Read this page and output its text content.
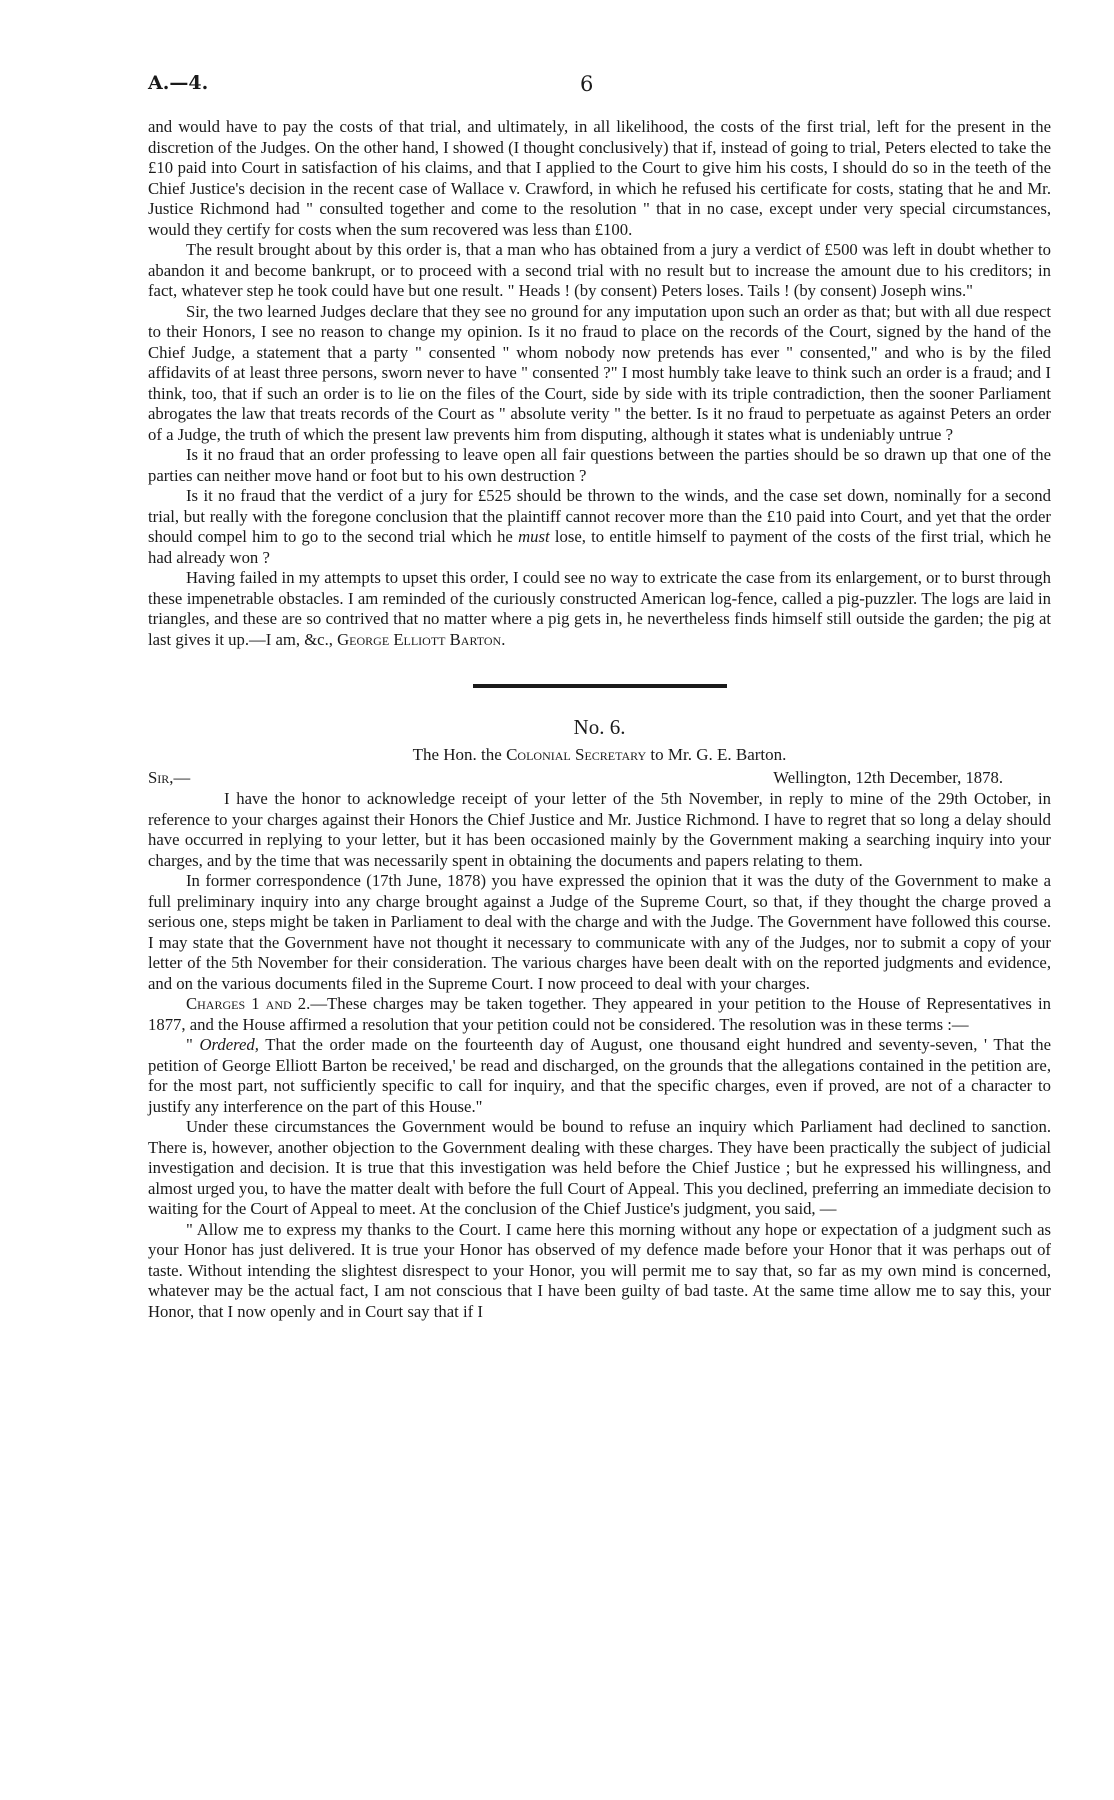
A.—4.	6

and would have to pay the costs of that trial, and ultimately, in all likelihood, the costs of the first trial, left for the present in the discretion of the Judges. On the other hand, I showed (I thought conclusively) that if, instead of going to trial, Peters elected to take the £10 paid into Court in satisfaction of his claims, and that I applied to the Court to give him his costs, I should do so in the teeth of the Chief Justice's decision in the recent case of Wallace v. Crawford, in which he refused his certificate for costs, stating that he and Mr. Justice Richmond had " consulted together and come to the resolution " that in no case, except under very special circumstances, would they certify for costs when the sum recovered was less than £100.

The result brought about by this order is, that a man who has obtained from a jury a verdict of £500 was left in doubt whether to abandon it and become bankrupt, or to proceed with a second trial with no result but to increase the amount due to his creditors; in fact, whatever step he took could have but one result. " Heads ! (by consent) Peters loses. Tails ! (by consent) Joseph wins."

Sir, the two learned Judges declare that they see no ground for any imputation upon such an order as that; but with all due respect to their Honors, I see no reason to change my opinion. Is it no fraud to place on the records of the Court, signed by the hand of the Chief Judge, a statement that a party " consented " whom nobody now pretends has ever " consented," and who is by the filed affidavits of at least three persons, sworn never to have " consented ?" I most humbly take leave to think such an order is a fraud; and I think, too, that if such an order is to lie on the files of the Court, side by side with its triple contradiction, then the sooner Parliament abrogates the law that treats records of the Court as " absolute verity " the better. Is it no fraud to perpetuate as against Peters an order of a Judge, the truth of which the present law prevents him from disputing, although it states what is undeniably untrue ?

Is it no fraud that an order professing to leave open all fair questions between the parties should be so drawn up that one of the parties can neither move hand or foot but to his own destruction ?

Is it no fraud that the verdict of a jury for £525 should be thrown to the winds, and the case set down, nominally for a second trial, but really with the foregone conclusion that the plaintiff cannot recover more than the £10 paid into Court, and yet that the order should compel him to go to the second trial which he must lose, to entitle himself to payment of the costs of the first trial, which he had already won ?

Having failed in my attempts to upset this order, I could see no way to extricate the case from its enlargement, or to burst through these impenetrable obstacles. I am reminded of the curiously constructed American log-fence, called a pig-puzzler. The logs are laid in triangles, and these are so contrived that no matter where a pig gets in, he nevertheless finds himself still outside the garden; the pig at last gives it up.—I am, &c., George Elliott Barton.

No. 6.
The Hon. the Colonial Secretary to Mr. G. E. Barton.
Sir,—	Wellington, 12th December, 1878.

I have the honor to acknowledge receipt of your letter of the 5th November, in reply to mine of the 29th October, in reference to your charges against their Honors the Chief Justice and Mr. Justice Richmond. I have to regret that so long a delay should have occurred in replying to your letter, but it has been occasioned mainly by the Government making a searching inquiry into your charges, and by the time that was necessarily spent in obtaining the documents and papers relating to them.

In former correspondence (17th June, 1878) you have expressed the opinion that it was the duty of the Government to make a full preliminary inquiry into any charge brought against a Judge of the Supreme Court, so that, if they thought the charge proved a serious one, steps might be taken in Parliament to deal with the charge and with the Judge. The Government have followed this course. I may state that the Government have not thought it necessary to communicate with any of the Judges, nor to submit a copy of your letter of the 5th November for their consideration. The various charges have been dealt with on the reported judgments and evidence, and on the various documents filed in the Supreme Court. I now proceed to deal with your charges.

Charges 1 and 2.—These charges may be taken together. They appeared in your petition to the House of Representatives in 1877, and the House affirmed a resolution that your petition could not be considered. The resolution was in these terms :—

" Ordered, That the order made on the fourteenth day of August, one thousand eight hundred and seventy-seven, ' That the petition of George Elliott Barton be received,' be read and discharged, on the grounds that the allegations contained in the petition are, for the most part, not sufficiently specific to call for inquiry, and that the specific charges, even if proved, are not of a character to justify any interference on the part of this House."

Under these circumstances the Government would be bound to refuse an inquiry which Parliament had declined to sanction. There is, however, another objection to the Government dealing with these charges. They have been practically the subject of judicial investigation and decision. It is true that this investigation was held before the Chief Justice ; but he expressed his willingness, and almost urged you, to have the matter dealt with before the full Court of Appeal. This you declined, preferring an immediate decision to waiting for the Court of Appeal to meet. At the conclusion of the Chief Justice's judgment, you said, —

" Allow me to express my thanks to the Court. I came here this morning without any hope or expectation of a judgment such as your Honor has just delivered. It is true your Honor has observed of my defence made before your Honor that it was perhaps out of taste. Without intending the slightest disrespect to your Honor, you will permit me to say that, so far as my own mind is concerned, whatever may be the actual fact, I am not conscious that I have been guilty of bad taste. At the same time allow me to say this, your Honor, that I now openly and in Court say that if I
